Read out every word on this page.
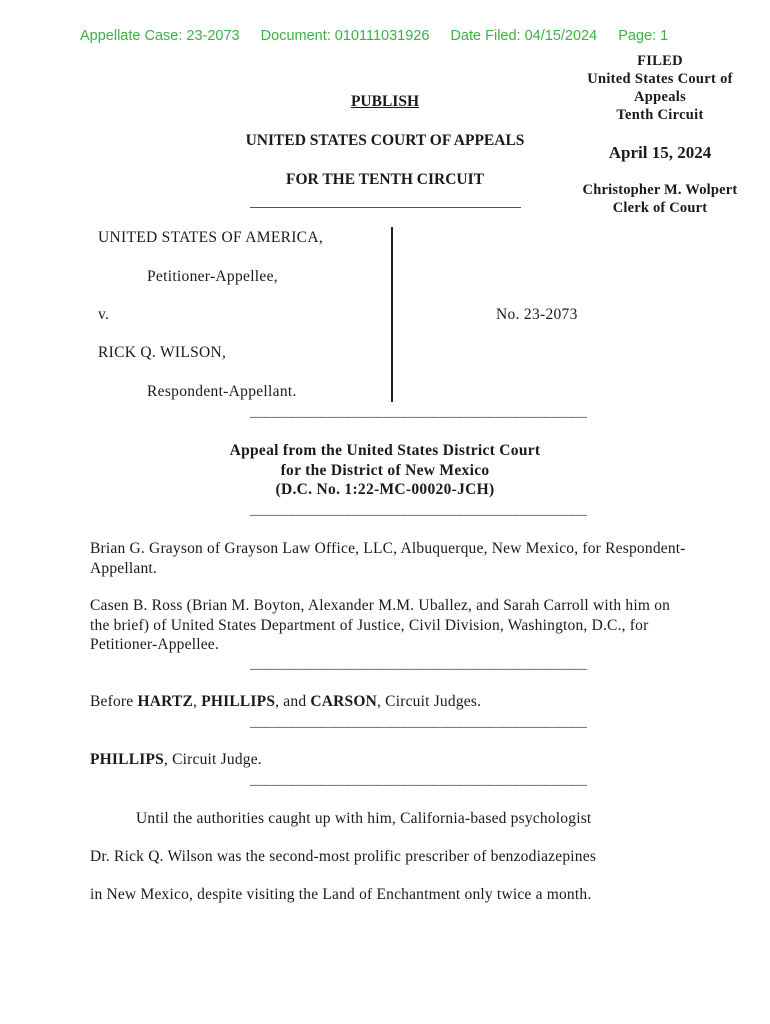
Appellate Case: 23-2073 Document: 010111031926 Date Filed: 04/15/2024 Page: 1
FILED
United States Court of
Appeals
Tenth Circuit
April 15, 2024
Christopher M. Wolpert
Clerk of Court
PUBLISH
UNITED STATES COURT OF APPEALS
FOR THE TENTH CIRCUIT
UNITED STATES OF AMERICA,
Petitioner-Appellee,
v.
RICK Q. WILSON,
Respondent-Appellant.
No. 23-2073
————————————————————————
Appeal from the United States District Court
for the District of New Mexico
(D.C. No. 1:22-MC-00020-JCH)
————————————————————————
Brian G. Grayson of Grayson Law Office, LLC, Albuquerque, New Mexico, for Respondent-Appellant.
Casen B. Ross (Brian M. Boyton, Alexander M.M. Uballez, and Sarah Carroll with him on the brief) of United States Department of Justice, Civil Division, Washington, D.C., for Petitioner-Appellee.
————————————————————————
Before HARTZ, PHILLIPS, and CARSON, Circuit Judges.
————————————————————————
PHILLIPS, Circuit Judge.
————————————————————————
Until the authorities caught up with him, California-based psychologist
Dr. Rick Q. Wilson was the second-most prolific prescriber of benzodiazepines
in New Mexico, despite visiting the Land of Enchantment only twice a month.
